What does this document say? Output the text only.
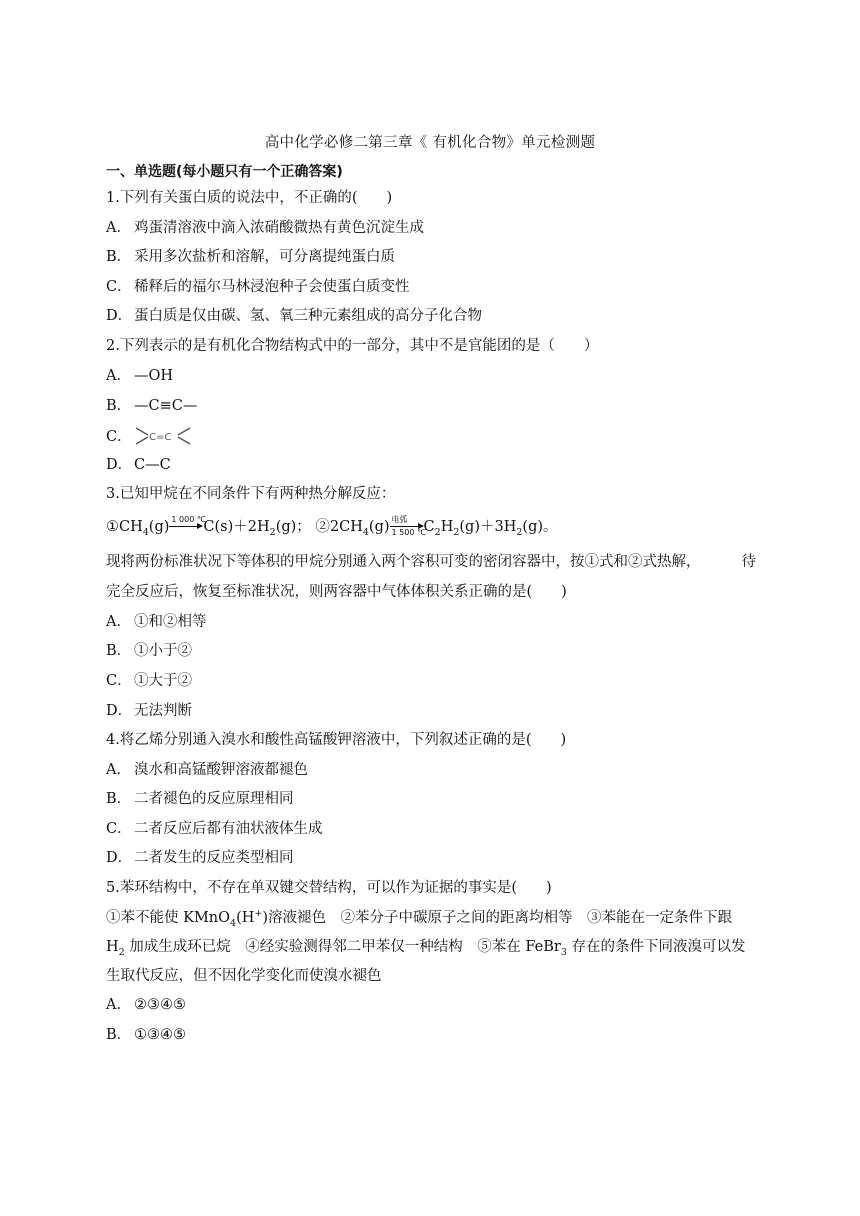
高中化学必修二第三章《 有机化合物》单元检测题
一、单选题(每小题只有一个正确答案)
1.下列有关蛋白质的说法中，不正确的(　　)
A． 鸡蛋清溶液中滴入浓硝酸微热有黄色沉淀生成
B． 采用多次盐析和溶解，可分离提纯蛋白质
C． 稀释后的福尔马林浸泡种子会使蛋白质变性
D． 蛋白质是仅由碳、氢、氧三种元素组成的高分子化合物
2.下列表示的是有机化合物结构式中的一部分，其中不是官能团的是（　　）
A． —OH
B． —C≡C—
C． C=C
D． C—C
3.已知甲烷在不同条件下有两种热分解反应：
$①CH_4(g)$ 1 000 ℃
$C(s)+2H_2(g)$； $②2CH_4(g)$ 电弧
1 500 ℃
$C_2H_2(g)+3H_2(g)$。
现将两份标准状况下等体积的甲烷分别通入两个容积可变的密闭容器中，按①式和②式热解，	待
完全反应后，恢复至标准状况，则两容器中气体体积关系正确的是(　　)
A． ①和②相等
B． ①小于②
C． ①大于②
D． 无法判断
4.将乙烯分别通入溴水和酸性高锰酸钾溶液中，下列叙述正确的是(　　)
A． 溴水和高锰酸钾溶液都褪色
B． 二者褪色的反应原理相同
C． 二者反应后都有油状液体生成
D． 二者发生的反应类型相同
5.苯环结构中，不存在单双键交替结构，可以作为证据的事实是(　　)
①苯不能使 KMnO$_4$(H+)溶液褪色　②苯分子中碳原子之间的距离均相等　③苯能在一定条件下跟
$H_2$ 加成生成环已烷　④经实验测得邻二甲苯仅一种结构　⑤苯在 FeBr$_3$ 存在的条件下同液溴可以发
生取代反应，但不因化学变化而使溴水褪色
A． ②③④⑤
B． ①③④⑤
